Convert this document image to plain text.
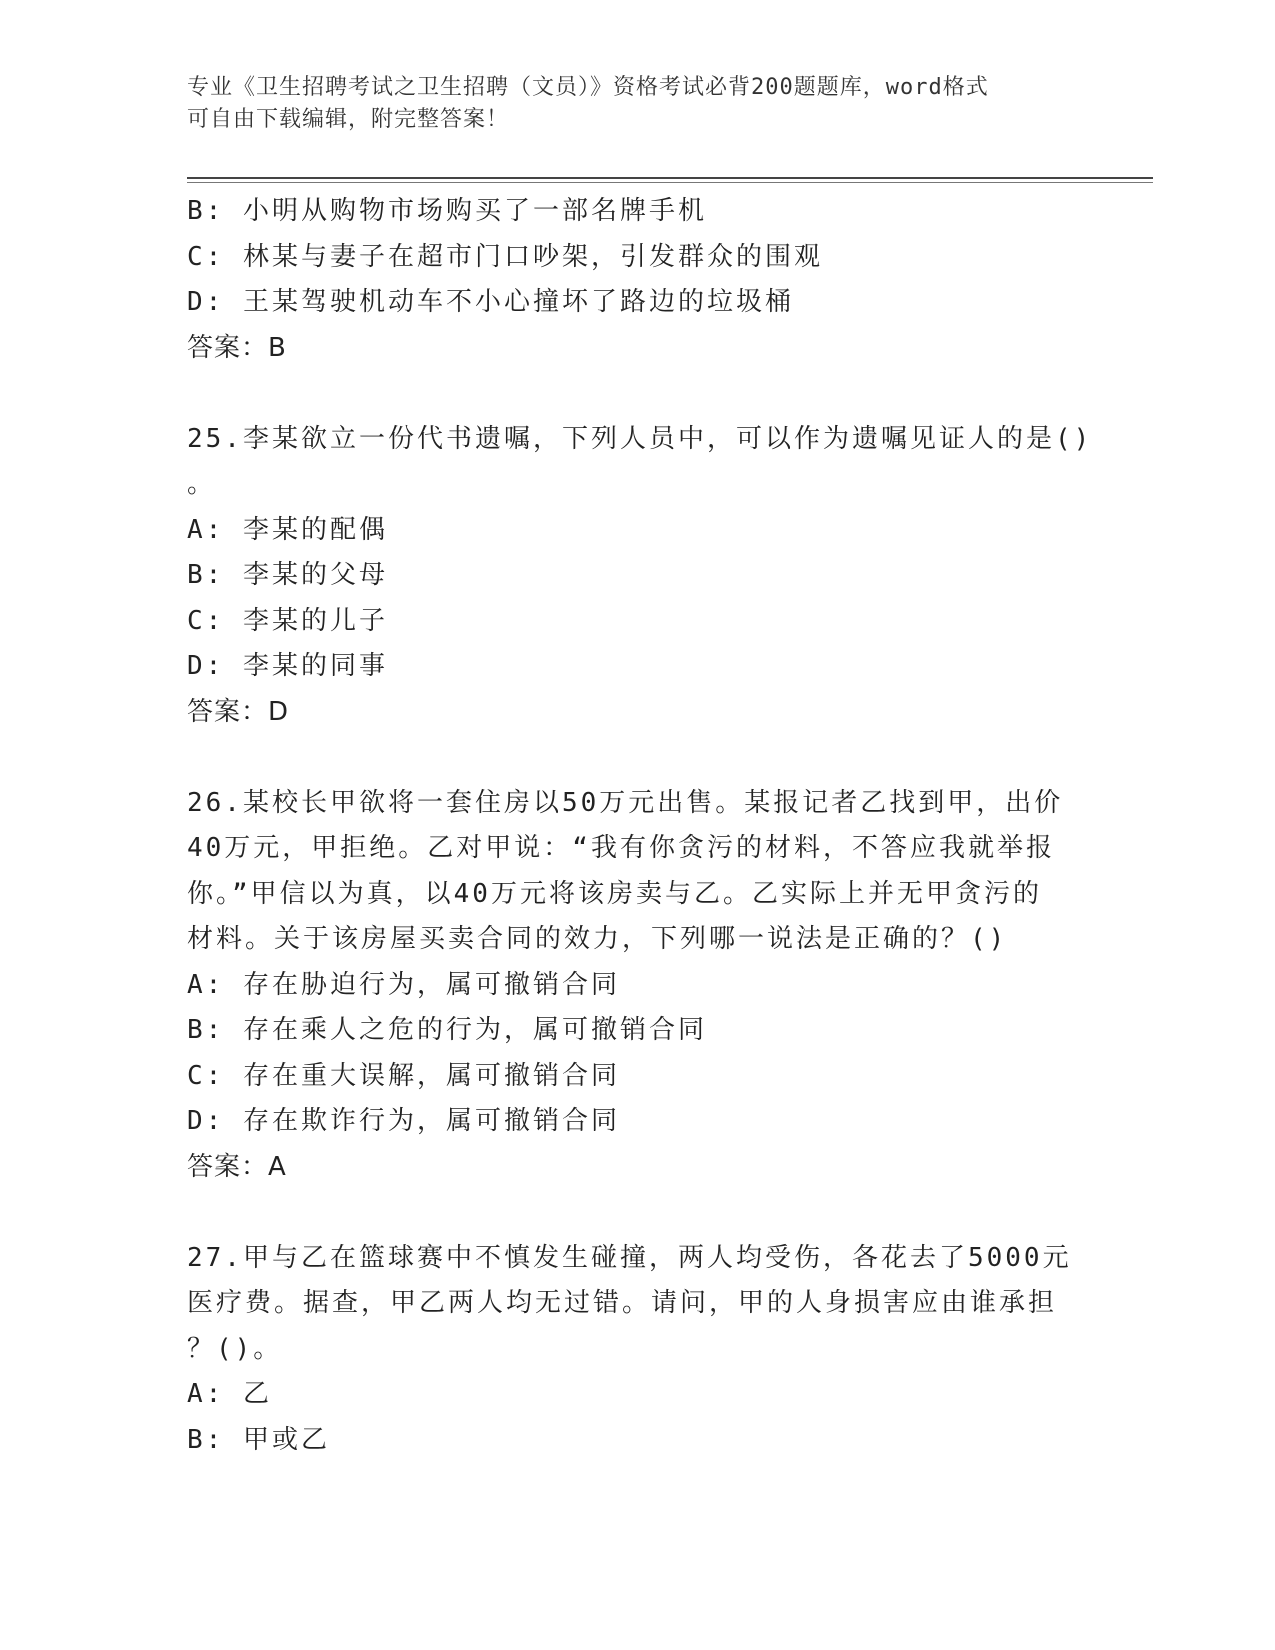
专业《卫生招聘考试之卫生招聘（文员）》资格考试必背200题题库，word格式
可自由下载编辑，附完整答案！
B: 小明从购物市场购买了一部名牌手机
C: 林某与妻子在超市门口吵架，引发群众的围观
D: 王某驾驶机动车不小心撞坏了路边的垃圾桶
答案：B
25.李某欲立一份代书遗嘱，下列人员中，可以作为遗嘱见证人的是()
。
A: 李某的配偶
B: 李某的父母
C: 李某的儿子
D: 李某的同事
答案：D
26.某校长甲欲将一套住房以50万元出售。某报记者乙找到甲，出价
40万元，甲拒绝。乙对甲说：“我有你贪污的材料，不答应我就举报
你。”甲信以为真，以40万元将该房卖与乙。乙实际上并无甲贪污的
材料。关于该房屋买卖合同的效力，下列哪一说法是正确的？()
A: 存在胁迫行为，属可撤销合同
B: 存在乘人之危的行为，属可撤销合同
C: 存在重大误解，属可撤销合同
D: 存在欺诈行为，属可撤销合同
答案：A
27.甲与乙在篮球赛中不慎发生碰撞，两人均受伤，各花去了5000元
医疗费。据查，甲乙两人均无过错。请问，甲的人身损害应由谁承担
？()。
A: 乙
B: 甲或乙
